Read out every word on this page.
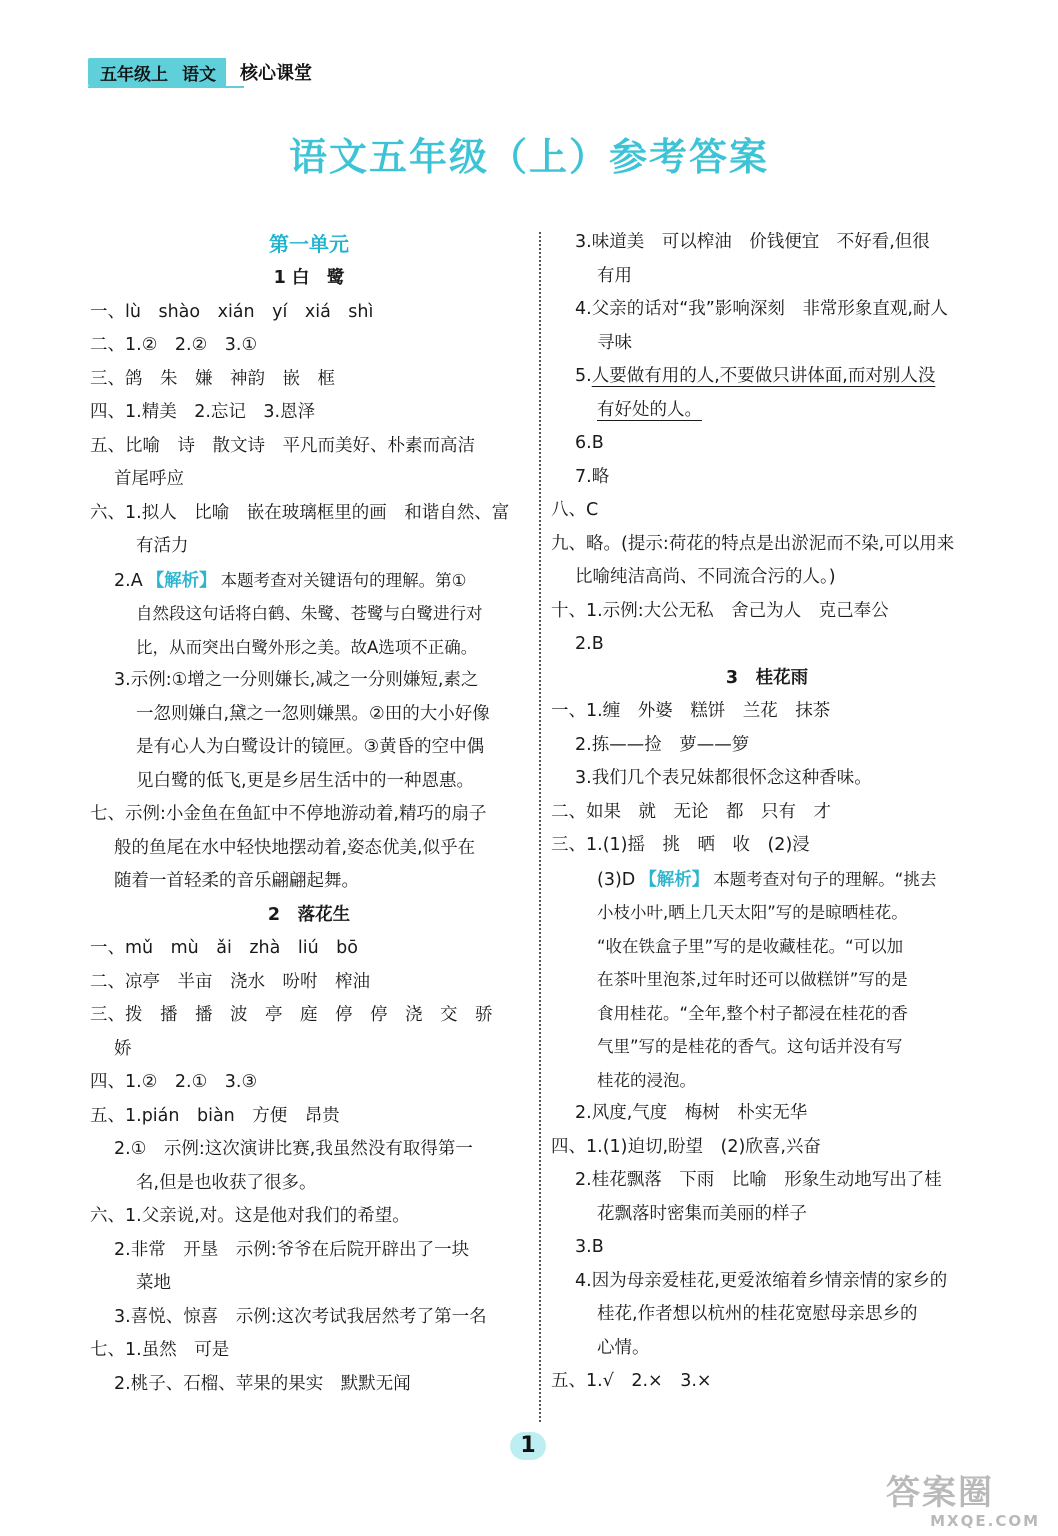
五年级上 语文	核心课堂
语文五年级（上）参考答案
第一单元
1 白　鹭
一、lù　shào　xián　yí　xiá　shì
二、1.②　2.②　3.①
三、鸽　朱　嫌　神韵　嵌　框
四、1.精美　2.忘记　3.恩泽
五、比喻　诗　散文诗　平凡而美好、朴素而高洁
首尾呼应
六、1.拟人　比喻　嵌在玻璃框里的画　和谐自然、富
有活力
2.A 【解析】 本题考查对关键语句的理解。第①
自然段这句话将白鹤、朱鹭、苍鹭与白鹭进行对
比，从而突出白鹭外形之美。故A选项不正确。
3.示例:①增之一分则嫌长,减之一分则嫌短,素之
一忽则嫌白,黛之一忽则嫌黑。②田的大小好像
是有心人为白鹭设计的镜匣。③黄昏的空中偶
见白鹭的低飞,更是乡居生活中的一种恩惠。
七、示例:小金鱼在鱼缸中不停地游动着,精巧的扇子
般的鱼尾在水中轻快地摆动着,姿态优美,似乎在
随着一首轻柔的音乐翩翩起舞。
2　落花生
一、mǔ　mù　ǎi　zhà　liú　bō
二、凉亭　半亩　浇水　吩咐　榨油
三、拨　播　播　波　亭　庭　停　停　浇　交　骄
娇
四、1.②　2.①　3.③
五、1.pián　biàn　方便　昂贵
2.①　示例:这次演讲比赛,我虽然没有取得第一
名,但是也收获了很多。
六、1.父亲说,对。这是他对我们的希望。
2.非常　开垦　示例:爷爷在后院开辟出了一块
菜地
3.喜悦、惊喜　示例:这次考试我居然考了第一名
七、1.虽然　可是
2.桃子、石榴、苹果的果实　默默无闻
3.味道美　可以榨油　价钱便宜　不好看,但很
有用
4.父亲的话对“我”影响深刻　非常形象直观,耐人
寻味
5.人要做有用的人,不要做只讲体面,而对别人没
有好处的人。
6.B
7.略
八、C
九、略。(提示:荷花的特点是出淤泥而不染,可以用来
比喻纯洁高尚、不同流合污的人。)
十、1.示例:大公无私　舍己为人　克己奉公
2.B
3　桂花雨
一、1.缠　外婆　糕饼　兰花　抹茶
2.拣——捡　萝——箩
3.我们几个表兄妹都很怀念这种香味。
二、如果　就　无论　都　只有　才
三、1.(1)摇　挑　晒　收　(2)浸
(3)D 【解析】 本题考查对句子的理解。“挑去
小枝小叶,晒上几天太阳”写的是晾晒桂花。
“收在铁盒子里”写的是收藏桂花。“可以加
在茶叶里泡茶,过年时还可以做糕饼”写的是
食用桂花。“全年,整个村子都浸在桂花的香
气里”写的是桂花的香气。这句话并没有写
桂花的浸泡。
2.风度,气度　梅树　朴实无华
四、1.(1)迫切,盼望　(2)欣喜,兴奋
2.桂花飘落　下雨　比喻　形象生动地写出了桂
花飘落时密集而美丽的样子
3.B
4.因为母亲爱桂花,更爱浓缩着乡情亲情的家乡的
桂花,作者想以杭州的桂花宽慰母亲思乡的
心情。
五、1.√　2.×　3.×
1
答案圈
MXQE.COM
